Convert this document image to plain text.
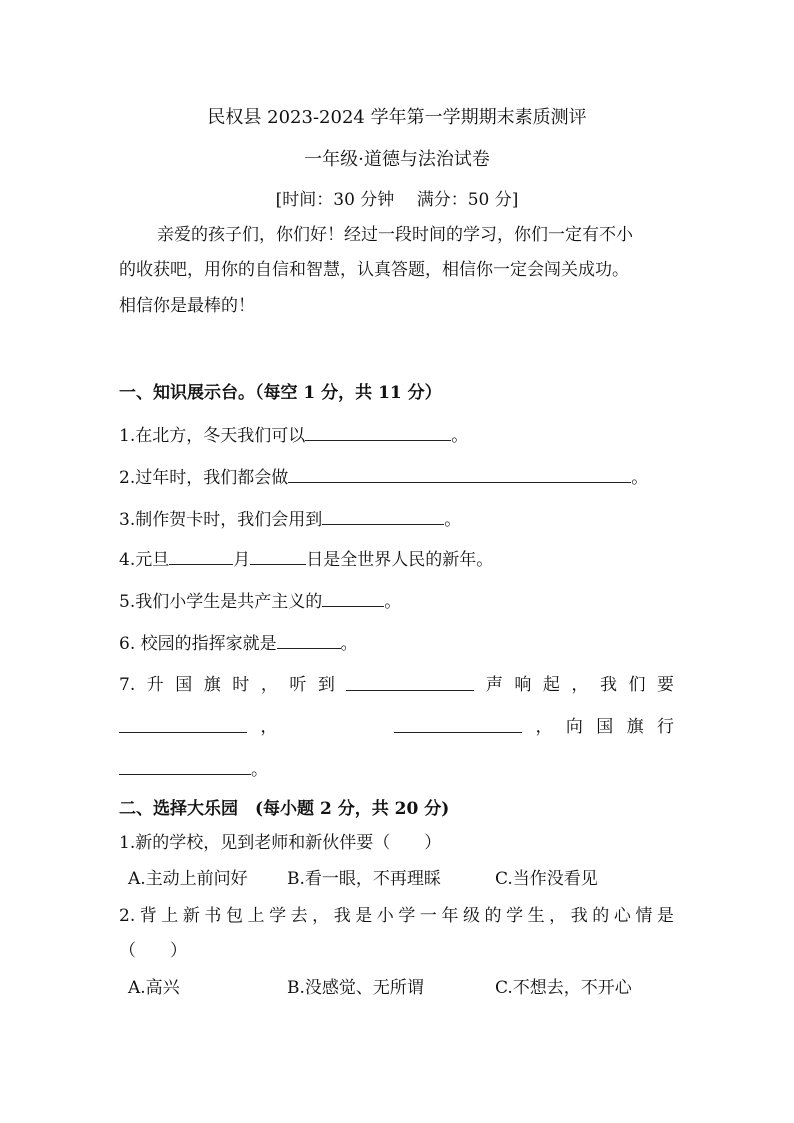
民权县 2023-2024 学年第一学期期末素质测评
一年级·道德与法治试卷
[时间：30 分钟　 满分：50 分]
亲爱的孩子们，你们好！经过一段时间的学习，你们一定有不小
的收获吧，用你的自信和智慧，认真答题，相信你一定会闯关成功。
相信你是最棒的！
一、知识展示台。（每空 1 分，共 11 分）
1.在北方，冬天我们可以	。
2.过年时，我们都会做	。
3.制作贺卡时，我们会用到	。
4.元旦	月	日是全世界人民的新年。
5.我们小学生是共产主义的	。
6. 校园的指挥家就是	。
7. 升 国 旗 时 ， 听 到	声 响 起 ， 我 们 要
，	， 向 国 旗 行
。
二、选择大乐园　(每小题 2 分，共 20 分)
1.新的学校，见到老师和新伙伴要（　　）
A.主动上前问好 B.看一眼，不再理睬	C.当作没看见
2. 背 上 新 书 包 上 学 去 ， 我 是 小 学 一 年 级 的 学 生 ， 我 的 心 情 是
（　　）
A.高兴	B.没感觉、无所谓	C.不想去，不开心
